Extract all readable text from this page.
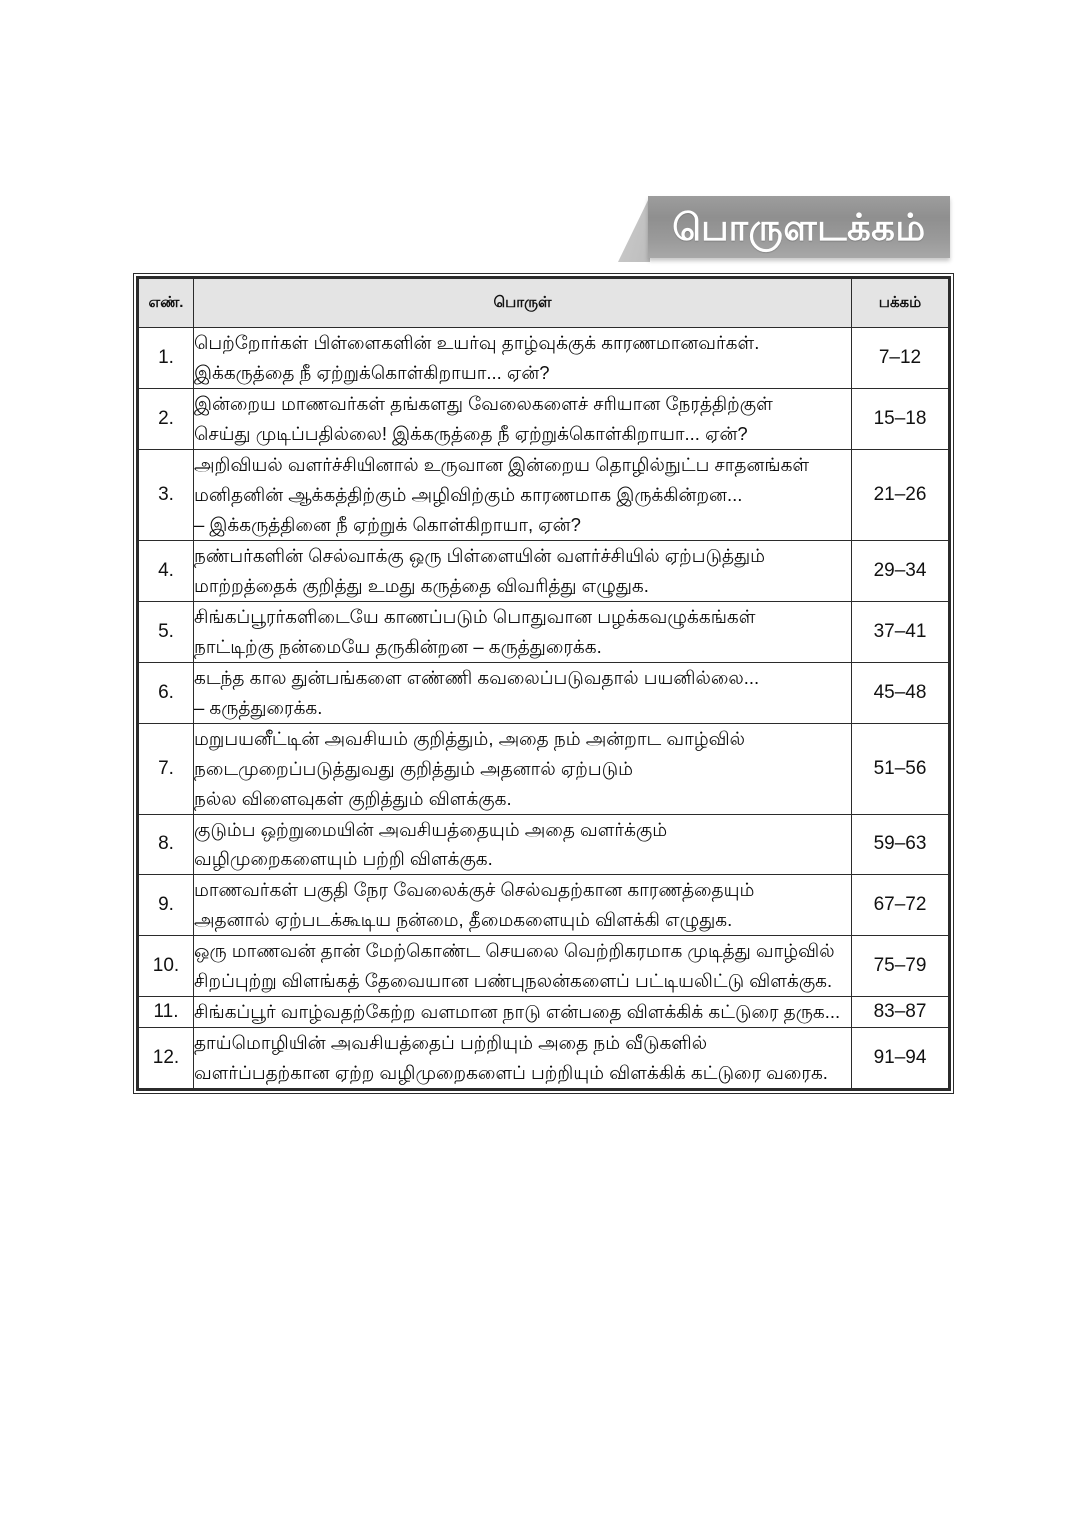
பொருளடக்கம்
எண்.	பொருள்	பக்கம்
1.	பெற்றோர்கள் பிள்ளைகளின் உயர்வு தாழ்வுக்குக் காரணமானவர்கள்.
இக்கருத்தை நீ ஏற்றுக்கொள்கிறாயா... ஏன்?	7–12
2.	இன்றைய மாணவர்கள் தங்களது வேலைகளைச் சரியான நேரத்திற்குள்
செய்து முடிப்பதில்லை! இக்கருத்தை நீ ஏற்றுக்கொள்கிறாயா... ஏன்?	15–18
3.	அறிவியல் வளர்ச்சியினால் உருவான இன்றைய தொழில்நுட்ப சாதனங்கள்
மனிதனின் ஆக்கத்திற்கும் அழிவிற்கும் காரணமாக இருக்கின்றன...
– இக்கருத்தினை நீ ஏற்றுக் கொள்கிறாயா, ஏன்?	21–26
4.	நண்பர்களின் செல்வாக்கு ஒரு பிள்ளையின் வளர்ச்சியில் ஏற்படுத்தும்
மாற்றத்தைக் குறித்து உமது கருத்தை விவரித்து எழுதுக.	29–34
5.	சிங்கப்பூரர்களிடையே காணப்படும் பொதுவான பழக்கவழுக்கங்கள்
நாட்டிற்கு நன்மையே தருகின்றன – கருத்துரைக்க.	37–41
6.	கடந்த கால துன்பங்களை எண்ணி கவலைப்படுவதால் பயனில்லை...
– கருத்துரைக்க.	45–48
7.	மறுபயனீட்டின் அவசியம் குறித்தும், அதை நம் அன்றாட வாழ்வில்
நடைமுறைப்படுத்துவது குறித்தும் அதனால் ஏற்படும்
நல்ல விளைவுகள் குறித்தும் விளக்குக.	51–56
8.	குடும்ப ஒற்றுமையின் அவசியத்தையும் அதை வளர்க்கும்
வழிமுறைகளையும் பற்றி விளக்குக.	59–63
9.	மாணவர்கள் பகுதி நேர வேலைக்குச் செல்வதற்கான காரணத்தையும்
அதனால் ஏற்படக்கூடிய நன்மை, தீமைகளையும் விளக்கி எழுதுக.	67–72
10.	ஒரு மாணவன் தான் மேற்கொண்ட செயலை வெற்றிகரமாக முடித்து வாழ்வில்
சிறப்புற்று விளங்கத் தேவையான பண்புநலன்களைப் பட்டியலிட்டு விளக்குக.	75–79
11.	சிங்கப்பூர் வாழ்வதற்கேற்ற வளமான நாடு என்பதை விளக்கிக் கட்டுரை தருக...	83–87
12.	தாய்மொழியின் அவசியத்தைப் பற்றியும் அதை நம் வீடுகளில்
வளர்ப்பதற்கான ஏற்ற வழிமுறைகளைப் பற்றியும் விளக்கிக் கட்டுரை வரைக.	91–94
